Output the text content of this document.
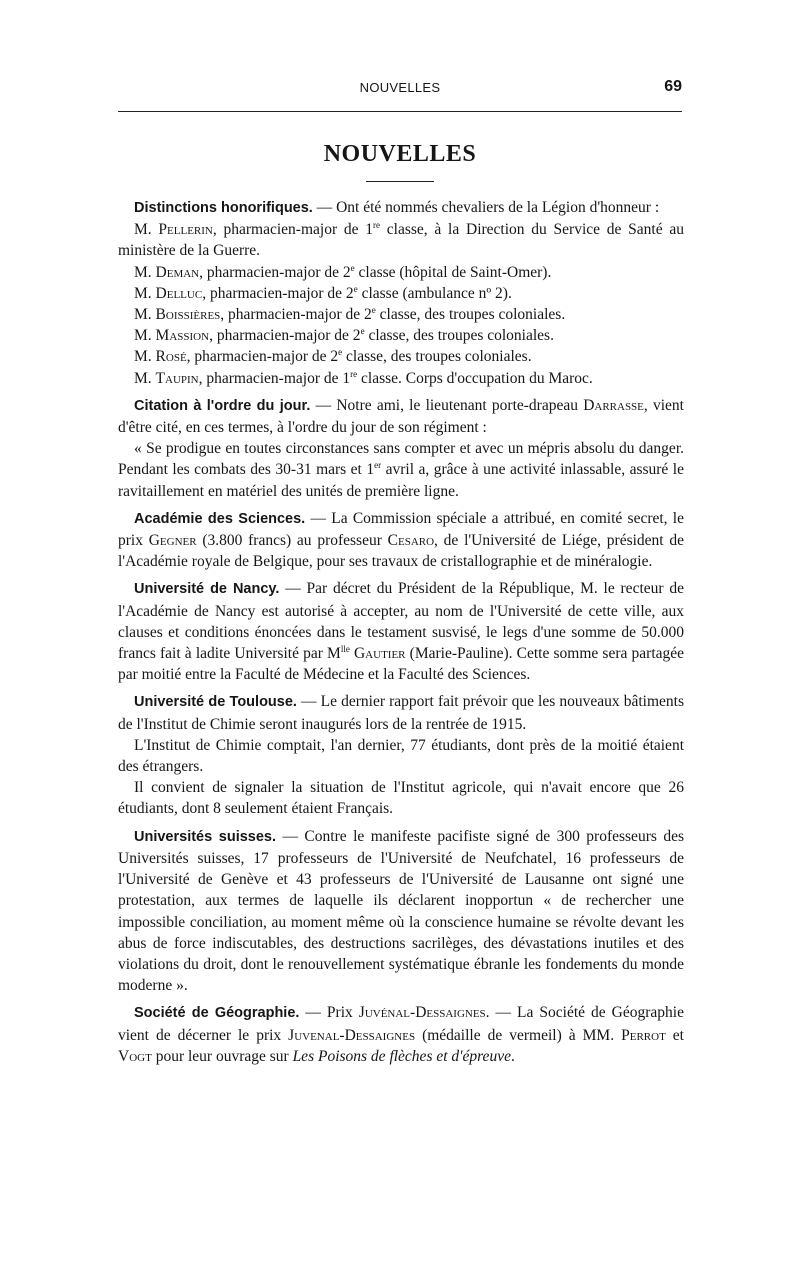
NOUVELLES	69
NOUVELLES

Distinctions honorifiques. — Ont été nommés chevaliers de la Légion d'honneur :

M. Pellerin, pharmacien-major de 1re classe, à la Direction du Service de Santé au ministère de la Guerre.

M. Deman, pharmacien-major de 2e classe (hôpital de Saint-Omer).

M. Delluc, pharmacien-major de 2e classe (ambulance nº 2).

M. Boissières, pharmacien-major de 2e classe, des troupes coloniales.

M. Massion, pharmacien-major de 2e classe, des troupes coloniales.

M. Rosé, pharmacien-major de 2e classe, des troupes coloniales.

M. Taupin, pharmacien-major de 1re classe. Corps d'occupation du Maroc.

Citation à l'ordre du jour. — Notre ami, le lieutenant porte-drapeau Darrasse, vient d'être cité, en ces termes, à l'ordre du jour de son régiment :

« Se prodigue en toutes circonstances sans compter et avec un mépris absolu du danger. Pendant les combats des 30-31 mars et 1er avril a, grâce à une activité inlassable, assuré le ravitaillement en matériel des unités de première ligne.

Académie des Sciences. — La Commission spéciale a attribué, en comité secret, le prix Gegner (3.800 francs) au professeur Cesaro, de l'Université de Liége, président de l'Académie royale de Belgique, pour ses travaux de cristallographie et de minéralogie.

Université de Nancy. — Par décret du Président de la République, M. le recteur de l'Académie de Nancy est autorisé à accepter, au nom de l'Université de cette ville, aux clauses et conditions énoncées dans le testament susvisé, le legs d'une somme de 50.000 francs fait à ladite Université par $M^{lle}$ Gautier (Marie-Pauline). Cette somme sera partagée par moitié entre la Faculté de Médecine et la Faculté des Sciences.

Université de Toulouse. — Le dernier rapport fait prévoir que les nouveaux bâtiments de l'Institut de Chimie seront inaugurés lors de la rentrée de 1915.

L'Institut de Chimie comptait, l'an dernier, 77 étudiants, dont près de la moitié étaient des étrangers.

Il convient de signaler la situation de l'Institut agricole, qui n'avait encore que 26 étudiants, dont 8 seulement étaient Français.

Universités suisses. — Contre le manifeste pacifiste signé de 300 professeurs des Universités suisses, 17 professeurs de l'Université de Neufchatel, 16 professeurs de l'Université de Genève et 43 professeurs de l'Université de Lausanne ont signé une protestation, aux termes de laquelle ils déclarent inopportun « de rechercher une impossible conciliation, au moment même où la conscience humaine se révolte devant les abus de force indiscutables, des destructions sacrilèges, des dévastations inutiles et des violations du droit, dont le renouvellement systématique ébranle les fondements du monde moderne ».

Société de Géographie. — Prix Juvénal-Dessaignes. — La Société de Géographie vient de décerner le prix Juvenal-Dessaignes (médaille de vermeil) à MM. Perrot et Vogt pour leur ouvrage sur Les Poisons de flèches et d'épreuve.
